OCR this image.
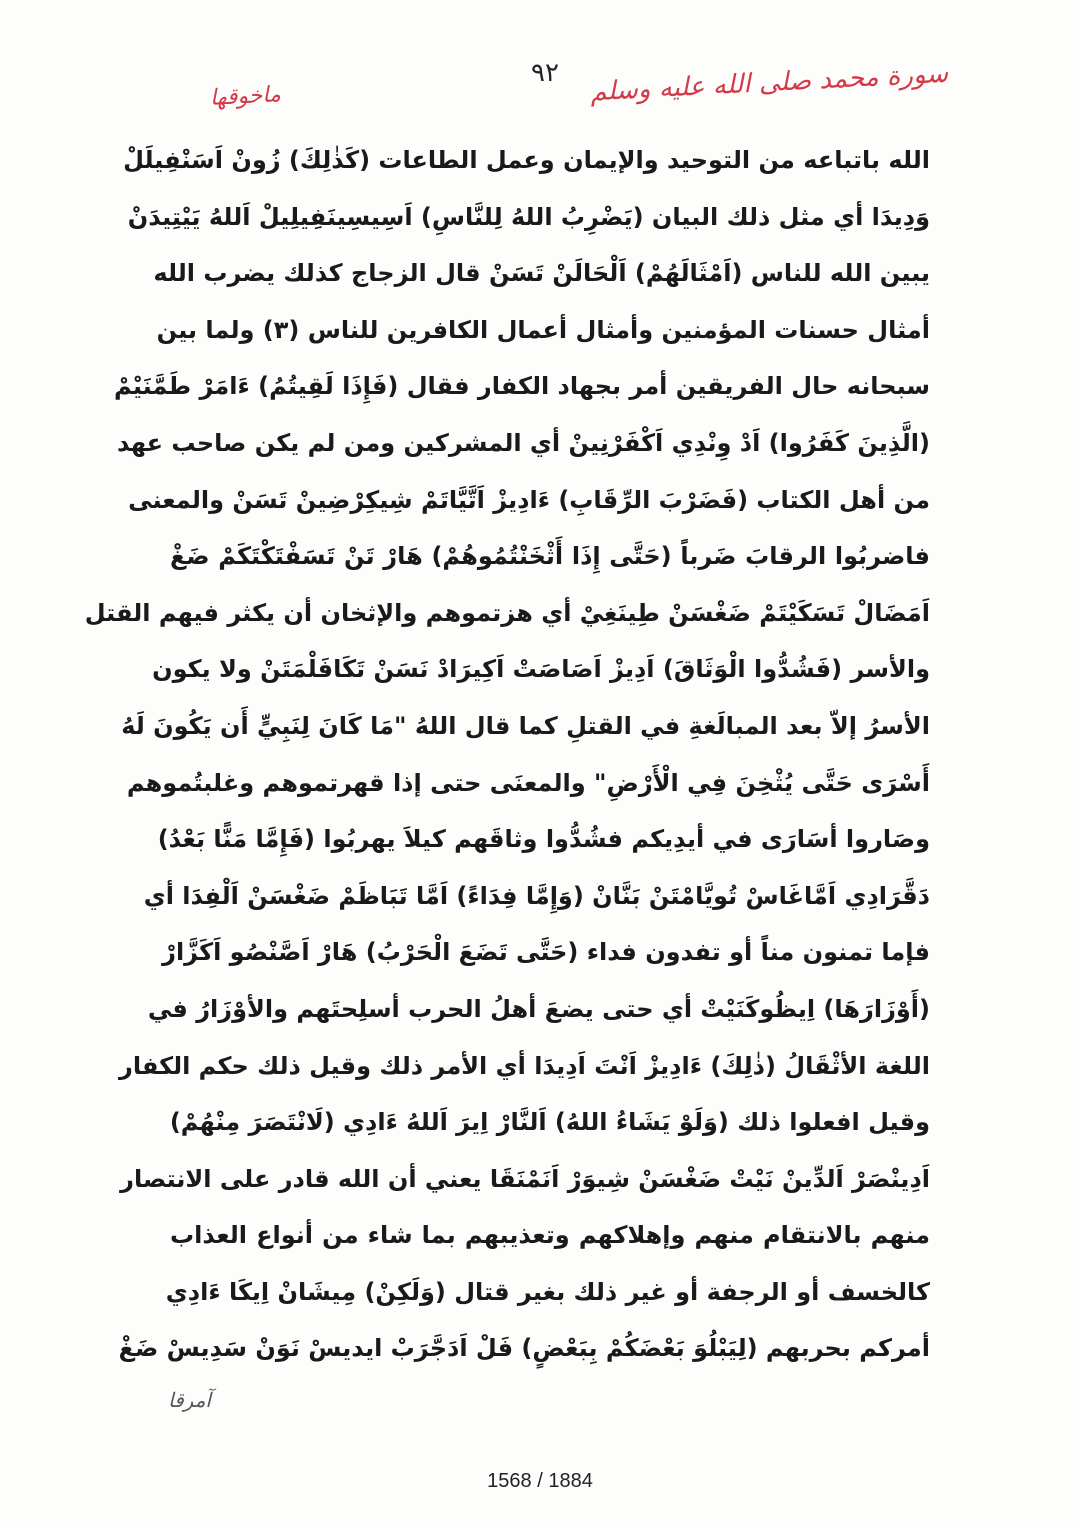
سورة محمد صلى الله عليه وسلم
٩٢
ماخوقها
الله باتباعه من التوحيد والإيمان وعمل الطاعات (كَذٰلِكَ) زُونْ اَسَنْفِيلَلْ
وَدِيدَا أي مثل ذلك البيان (يَضْرِبُ اللهُ لِلنَّاسِ) اَسِيسِينَفِيلِيلْ اَللهُ يَيْتِيدَنْ
يبين الله للناس (اَمْثَالَهُمْ) اَلْحَالَنْ تَسَنْ قال الزجاج كذلك يضرب الله
أمثال حسنات المؤمنين وأمثال أعمال الكافرين للناس (٣) ولما بين
سبحانه حال الفريقين أمر بجهاد الكفار فقال (فَإِذَا لَقِيتُمُ) ءَامَرْ طَمَّنَيْمْ
(الَّذِينَ كَفَرُوا) اَدْ وِنْدِي اَكْفَرْنِينْ أي المشركين ومن لم يكن صاحب عهد
من أهل الكتاب (فَضَرْبَ الرِّقَابِ) ءَادِيزْ اَتَّيَّاتَمْ شِيكِرْضِينْ تَسَنْ والمعنى
فاضربُوا الرقابَ ضَرباً (حَتَّى إِذَا أَثْخَنْتُمُوهُمْ) هَارْ تَنْ تَسَفْتَكْتَكَمْ ضَغْ
اَمَضَالْ تَسَكَيْتَمْ ضَغْسَنْ طِينَغِيْ أي هزتموهم والإثخان أن يكثر فيهم القتل
والأسر (فَشُدُّوا الْوَثَاقَ) اَدِيزْ اَصَاصَتْ اَكِيرَادْ نَسَنْ تَكَافَلْمَتَنْ ولا يكون
الأسرُ إلاّ بعد المبالَغةِ في القتلِ كما قال اللهُ "مَا كَانَ لِنَبِيٍّ أَن يَكُونَ لَهُ
أَسْرَى حَتَّى يُثْخِنَ فِي الْأَرْضِ" والمعنَى حتى إذا قهرتموهم وغلبتُموهم
وصَاروا أسَارَى في أيدِيكم فشُدُّوا وثاقَهم كيلاَ يهربُوا (فَإِمَّا مَنًّا بَعْدُ)
دَقَّرَادِي اَمَّاغَاسْ تُويَّامْتَنْ بَنَّانْ (وَإِمَّا فِدَاءً) اَمَّا تَبَاظَمْ ضَغْسَنْ اَلْفِدَا أي
فإما تمنون مناً أو تفدون فداء (حَتَّى تَضَعَ الْحَرْبُ) هَارْ اَصَّنْصُو اَكَزَّارْ
(أَوْزَارَهَا) اِيظُوكَنَيْتْ أي حتى يضعَ أهلُ الحرب أسلِحتَهم والأوْزَارُ في
اللغة الأثْقَالُ (ذٰلِكَ) ءَادِيزْ اَنْتَ اَدِيدَا أي الأمر ذلك وقيل ذلك حكم الكفار
وقيل افعلوا ذلك (وَلَوْ يَشَاءُ اللهُ) اَلنَّارْ اِيرَ اَللهُ ءَادِي (لَانْتَصَرَ مِنْهُمْ)
اَدِينْصَرْ اَلدِّينْ نَيْتْ ضَغْسَنْ شِيوَرْ اَنَمْنَقَا يعني أن الله قادر على الانتصار
منهم بالانتقام منهم وإهلاكهم وتعذيبهم بما شاء من أنواع العذاب
كالخسف أو الرجفة أو غير ذلك بغير قتال (وَلَكِنْ) مِيشَانْ اِيكَا ءَادِي
أمركم بحربهم (لِيَبْلُوَ بَعْضَكُمْ بِبَعْضٍ) فَلْ اَدَجَّرَبْ ايديسْ نَوَنْ سَدِيسْ ضَغْ
آمرقا
1568 / 1884
